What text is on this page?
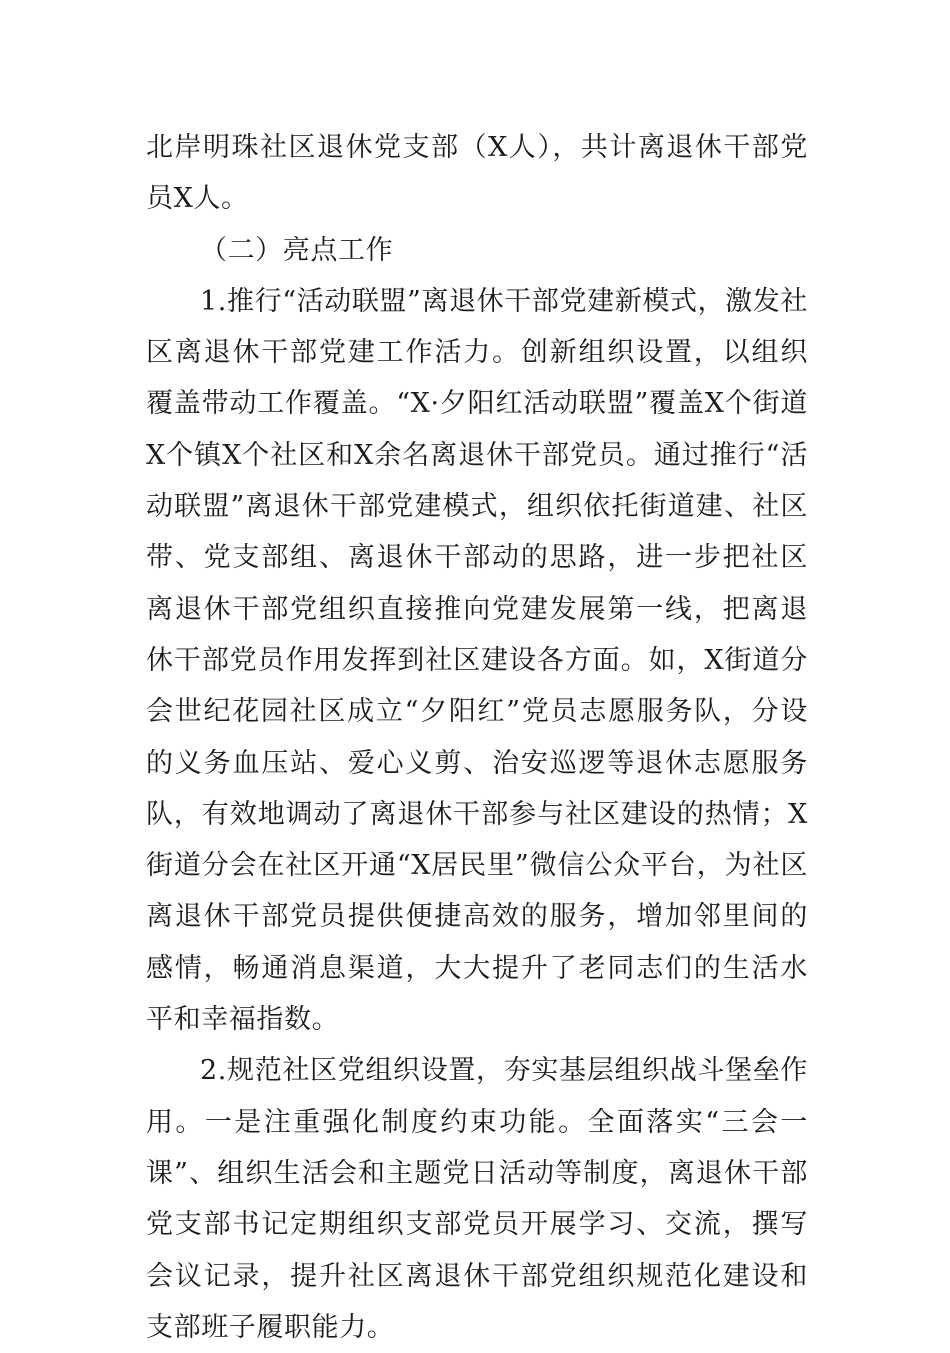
北岸明珠社区退休党支部（X人），共计离退休干部党员X人。

（二）亮点工作

1.推行“活动联盟”离退休干部党建新模式，激发社区离退休干部党建工作活力。创新组织设置，以组织覆盖带动工作覆盖。“X·夕阳红活动联盟”覆盖X个街道X个镇X个社区和X余名离退休干部党员。通过推行“活动联盟”离退休干部党建模式，组织依托街道建、社区带、党支部组、离退休干部动的思路，进一步把社区离退休干部党组织直接推向党建发展第一线，把离退休干部党员作用发挥到社区建设各方面。如，X街道分会世纪花园社区成立“夕阳红”党员志愿服务队，分设的义务血压站、爱心义剪、治安巡逻等退休志愿服务队，有效地调动了离退休干部参与社区建设的热情；X街道分会在社区开通“X居民里”微信公众平台，为社区离退休干部党员提供便捷高效的服务，增加邻里间的感情，畅通消息渠道，大大提升了老同志们的生活水平和幸福指数。

2.规范社区党组织设置，夯实基层组织战斗堡垒作用。一是注重强化制度约束功能。全面落实“三会一课”、组织生活会和主题党日活动等制度，离退休干部党支部书记定期组织支部党员开展学习、交流，撰写会议记录，提升社区离退休干部党组织规范化建设和支部班子履职能力。
